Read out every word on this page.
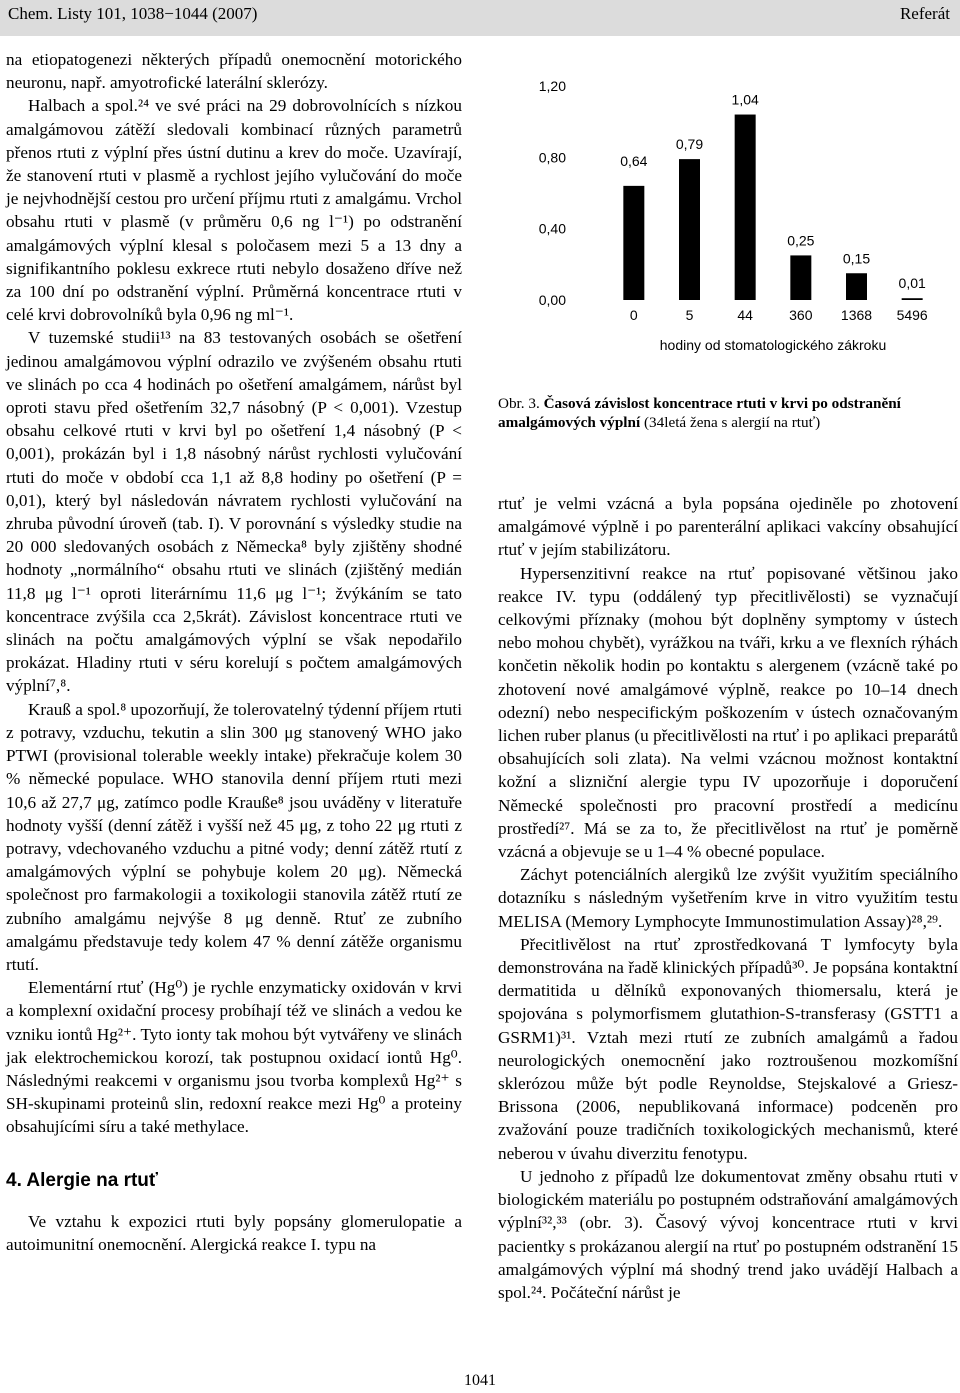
Chem. Listy 101, 1038−1044 (2007)	Referát

na etiopatogenezi některých případů onemocnění motorického neuronu, např. amyotrofické laterální sklerózy.

Halbach a spol.²⁴ ve své práci na 29 dobrovolnících s nízkou amalgámovou zátěží sledovali kombinací různých parametrů přenos rtuti z výplní přes ústní dutinu a krev do moče. Uzavírají, že stanovení rtuti v plasmě a rychlost jejího vylučování do moče je nejvhodnější cestou pro určení příjmu rtuti z amalgámu. Vrchol obsahu rtuti v plasmě (v průměru 0,6 ng l⁻¹) po odstranění amalgámových výplní klesal s poločasem mezi 5 a 13 dny a signifikantního poklesu exkrece rtuti nebylo dosaženo dříve než za 100 dní po odstranění výplní. Průměrná koncentrace rtuti v celé krvi dobrovolníků byla 0,96 ng ml⁻¹.

V tuzemské studii¹³ na 83 testovaných osobách se ošetření jedinou amalgámovou výplní odrazilo ve zvýšeném obsahu rtuti ve slinách po cca 4 hodinách po ošetření amalgámem, nárůst byl oproti stavu před ošetřením 32,7 násobný (P < 0,001). Vzestup obsahu celkové rtuti v krvi byl po ošetření 1,4 násobný (P < 0,001), prokázán byl i 1,8 násobný nárůst rychlosti vylučování rtuti do moče v období cca 1,1 až 8,8 hodiny po ošetření (P = 0,01), který byl následován návratem rychlosti vylučování na zhruba původní úroveň (tab. I). V porovnání s výsledky studie na 20 000 sledovaných osobách z Německa⁸ byly zjištěny shodné hodnoty „normálního“ obsahu rtuti ve slinách (zjištěný medián 11,8 μg l⁻¹ oproti literárnímu 11,6 μg l⁻¹; žvýkáním se tato koncentrace zvýšila cca 2,5krát). Závislost koncentrace rtuti ve slinách na počtu amalgámových výplní se však nepodařilo prokázat. Hladiny rtuti v séru korelují s počtem amalgámových výplní⁷,⁸.

Krauß a spol.⁸ upozorňují, že tolerovatelný týdenní příjem rtuti z potravy, vzduchu, tekutin a slin 300 μg stanovený WHO jako PTWI (provisional tolerable weekly intake) překračuje kolem 30 % německé populace. WHO stanovila denní příjem rtuti mezi 10,6 až 27,7 μg, zatímco podle Krauße⁸ jsou uváděny v literatuře hodnoty vyšší (denní zátěž i vyšší než 45 μg, z toho 22 μg rtuti z potravy, vdechovaného vzduchu a pitné vody; denní zátěž rtutí z amalgámových výplní se pohybuje kolem 20 μg). Německá společnost pro farmakologii a toxikologii stanovila zátěž rtutí ze zubního amalgámu nejvýše 8 μg denně. Rtuť ze zubního amalgámu představuje tedy kolem 47 % denní zátěže organismu rtutí.

Elementární rtuť (Hg⁰) je rychle enzymaticky oxidován v krvi a komplexní oxidační procesy probíhají též ve slinách a vedou ke vzniku iontů Hg²⁺. Tyto ionty tak mohou být vytvářeny ve slinách jak elektrochemickou korozí, tak postupnou oxidací iontů Hg⁰. Následnými reakcemi v organismu jsou tvorba komplexů Hg²⁺ s SH-skupinami proteinů slin, redoxní reakce mezi Hg⁰ a proteiny obsahujícími síru a také methylace.

4. Alergie na rtuť

Ve vztahu k expozici rtuti byly popsány glomerulopatie a autoimunitní onemocnění. Alergická reakce I. typu na

1,20
0,80
0,40
0,00
0,64
0
0,79
5
1,04
44
0,25
360
0,15
1368
0,01
5496
hodiny od stomatologického zákroku
Obr. 3. Časová závislost koncentrace rtuti v krvi po odstranění amalgámových výplní (34letá žena s alergií na rtuť)

rtuť je velmi vzácná a byla popsána ojediněle po zhotovení amalgámové výplně i po parenterální aplikaci vakcíny obsahující rtuť v jejím stabilizátoru.

Hypersenzitivní reakce na rtuť popisované většinou jako reakce IV. typu (oddálený typ přecitlivělosti) se vyznačují celkovými příznaky (mohou být doplněny symptomy v ústech nebo mohou chybět), vyrážkou na tváři, krku a ve flexních rýhách končetin několik hodin po kontaktu s alergenem (vzácně také po zhotovení nové amalgámové výplně, reakce po 10–14 dnech odezní) nebo nespecifickým poškozením v ústech označovaným lichen ruber planus (u přecitlivělosti na rtuť i po aplikaci preparátů obsahujících soli zlata). Na velmi vzácnou možnost kontaktní kožní a slizniční alergie typu IV upozorňuje i doporučení Německé společnosti pro pracovní prostředí a medicínu prostředí²⁷. Má se za to, že přecitlivělost na rtuť je poměrně vzácná a objevuje se u 1–4 % obecné populace.

Záchyt potenciálních alergiků lze zvýšit využitím speciálního dotazníku s následným vyšetřením krve in vitro využitím testu MELISA (Memory Lymphocyte Immunostimulation Assay)²⁸,²⁹.

Přecitlivělost na rtuť zprostředkovaná T lymfocyty byla demonstrována na řadě klinických případů³⁰. Je popsána kontaktní dermatitida u dělníků exponovaných thiomersalu, která je spojována s polymorfismem glutathion-S-transferasy (GSTT1 a GSRM1)³¹. Vztah mezi rtutí ze zubních amalgámů a řadou neurologických onemocnění jako roztroušenou mozkomíšní sklerózou může být podle Reynoldse, Stejskalové a Griesz-Brissona (2006, nepublikovaná informace) podceněn pro zvažování pouze tradičních toxikologických mechanismů, které neberou v úvahu diverzitu fenotypu.

U jednoho z případů lze dokumentovat změny obsahu rtuti v biologickém materiálu po postupném odstraňování amalgámových výplní³²,³³ (obr. 3). Časový vývoj koncentrace rtuti v krvi pacientky s prokázanou alergií na rtuť po postupném odstranění 15 amalgámových výplní má shodný trend jako uvádějí Halbach a spol.²⁴. Počáteční nárůst je

1041
